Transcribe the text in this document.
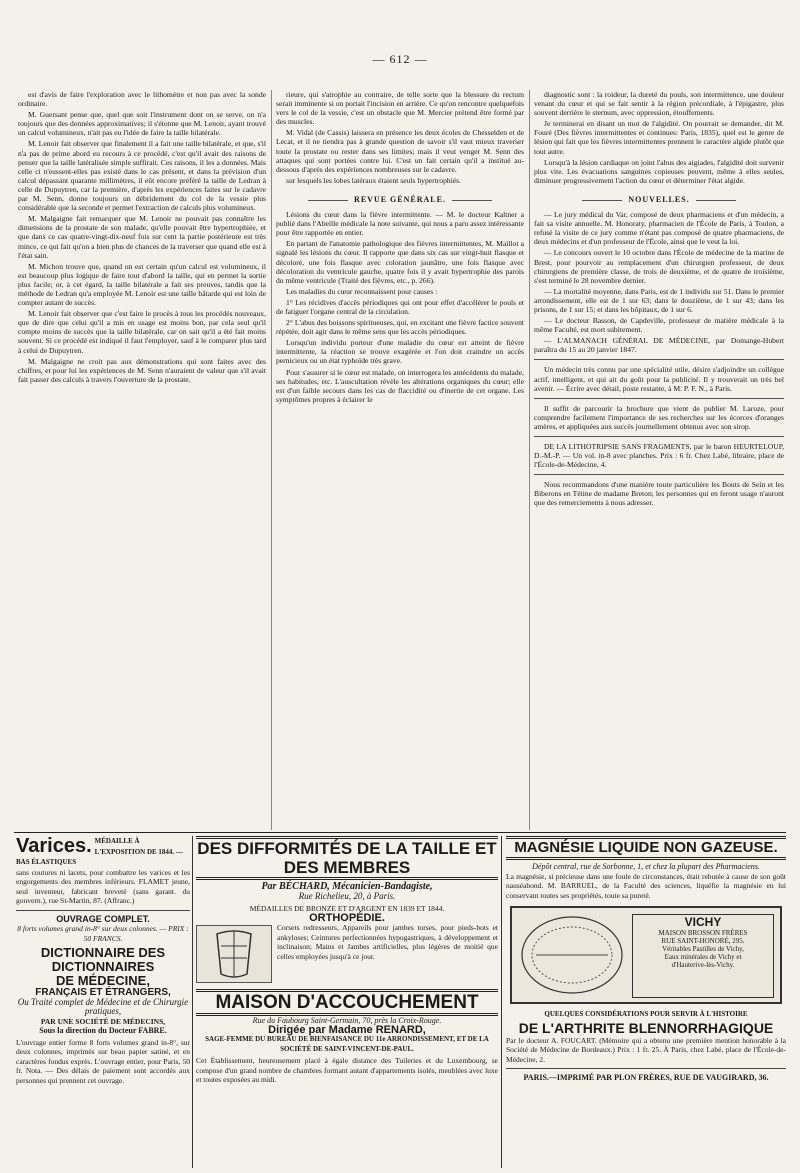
— 612 —

est d'avis de faire l'exploration avec le lithomètre et non pas avec la sonde ordinaire.

M. Guersant pense que, quel que soit l'instrument dont on se serve, on n'a toujours que des données approximatives; il s'étonne que M. Lenoir, ayant trouvé un calcul volumineux, n'ait pas eu l'idée de faire la taille bilatérale.

M. Lenoir fait observer que finalement il a fait une taille bilatérale, et que, s'il n'a pas de prime abord eu recours à ce procédé, c'est qu'il avait des raisons de penser que la taille latéralisée simple suffirait. Ces raisons, il les a données. Mais celle ci n'eussent-elles pas existé dans le cas présent, et dans la prévision d'un calcul dépassant quarante millimètres, il eût encore préféré la taille de Ledran à celle de Dupuytren, car la première, d'après les expériences faites sur le cadavre par M. Senn, donne toujours un débridement du col de la vessie plus considérable que la seconde et permet l'extraction de calculs plus volumineux.

M. Malgaigne fait remarquer que M. Lenoir ne pouvait pas connaître les dimensions de la prostate de son malade, qu'elle pouvait être hypertrophiée, et que dans ce cas quatre-vingt-dix-neuf fois sur cent la partie postérieure est très mince, ce qui fait qu'on a bien plus de chances de la traverser que quand elle est à l'état sain.

M. Michon trouve que, quand on est certain qu'un calcul est volumineux, il est beaucoup plus logique de faire tout d'abord la taille, qui en permet la sortie plus facile; or, à cet égard, la taille bilatérale a fait ses preuves, tandis que la méthode de Ledran qu'a employée M. Lenoir est une taille bâtarde qui est loin de compter autant de succès.

M. Lenoir fait observer que c'est faire le procès à tous les procédés nouveaux, que de dire que celui qu'il a mis en usage est moins bon, par cela seul qu'il compte moins de succès que la taille bilatérale, car on sait qu'il a été fait moins souvent. Si ce procédé est indiqué il faut l'employer, sauf à le comparer plus tard à celui de Dupuytren.

M. Malgaigne ne croit pas aux démonstrations qui sont faites avec des chiffres, et pour lui les expériences de M. Senn n'auraient de valeur que s'il avait fait passer des calculs à travers l'ouverture de la prostate.

rieure, qui s'atrophie au contraire, de telle sorte que la blessure du rectum serait imminente si on portait l'incision en arrière. Ce qu'on rencontre quelquefois vers le col de la vessie, c'est un obstacle que M. Mercier prétend être formé par des muscles.

M. Vidal (de Cassis) laissera en présence les deux écoles de Chesselden et de Lecat, et il ne tiendra pas à grande question de savoir s'il vaut mieux traverser toute la prostate ou rester dans ses limites; mais il veut venger M. Senn des attaques qui sont portées contre lui. C'est un fait certain qu'il a institué au-dessous d'après des expériences nombreuses sur le cadavre.

sur lesquels les lobes latéraux étaient seuls hypertrophiés.

REVUE GÉNÉRALE.

Lésions du cœur dans la fièvre intermittente. — M. le docteur Kaltner a publié dans l'Abeille médicale la note suivante, qui nous a paru assez intéressante pour être rapportée en entier.

En partant de l'anatomie pathologique des fièvres intermittentes, M. Maillot a signalé les lésions du cœur. Il rapporte que dans six cas sur vingt-huit flasque et décoloré, une fois flasque avec coloration jaunâtre, une fois flasque avec décoloration du ventricule gauche, quatre fois il y avait hypertrophie des parois du même ventricule (Traité des fièvres, etc., p. 266).

Les maladies du cœur reconnaissent pour causes :

1° Les récidives d'accès périodiques qui ont pour effet d'accélérer le pouls et de fatiguer l'organe central de la circulation.

2° L'abus des boissons spiritueuses, qui, en excitant une fièvre factice souvent répétée, doit agir dans le même sens que les accès périodiques.

Lorsqu'un individu porteur d'une maladie du cœur est atteint de fièvre intermittente, la réaction se trouve exagérée et l'on doit craindre un accès pernicieux ou un état typhoïde très grave.

Pour s'assurer si le cœur est malade, on interrogera les antécédents du malade, ses habitudes, etc. L'auscultation révèle les altérations organiques du cœur; elle est d'un faible secours dans les cas de flaccidité ou d'inertie de cet organe. Les symptômes propres à éclairer le

diagnostic sont : la roideur, la dureté du pouls, son intermittence, une douleur venant du cœur et qui se fait sentir à la région précordiale, à l'épigastre, plus souvent derrière le sternum, avec oppression, étouffements.

Je terminerai en disant un mot de l'algidité. On pourrait se demander, dit M. Fouré (Des fièvres intermittentes et continues: Paris, 1835), quel est le genre de lésion qui fait que les fièvres intermittentes prennent le caractère algide plutôt que tout autre.

Lorsqu'à la lésion cardiaque on joint l'abus des aigiades, l'algidité doit survenir plus vite. Les évacuations sanguines copieuses peuvent, même à elles seules, diminuer progressivement l'action du cœur et déterminer l'état algide.

NOUVELLES.

— Le jury médical du Var, composé de deux pharmaciens et d'un médecin, a fait sa visite annuelle. M. Honoraty, pharmacien de l'École de Paris, à Toulon, a refusé la visite de ce jury comme n'étant pas composé de quatre pharmaciens, de deux médecins et d'un professeur de l'École, ainsi que le veut la loi.

— Le concours ouvert le 10 octobre dans l'École de médecine de la marine de Brest, pour pourvoir au remplacement d'un chirurgien professeur, de deux chirurgiens de première classe, de trois de deuxième, et de quatre de troisième, s'est terminé le 28 novembre dernier.

— La mortalité moyenne, dans Paris, est de 1 individu sur 51. Dans le premier arrondissement, elle est de 1 sur 63; dans le douzième, de 1 sur 43; dans les prisons, de 1 sur 15; et dans les hôpitaux, de 1 sur 6.

— Le docteur Basson, de Capdeville, professeur de matière médicale à la même Faculté, est mort subitement.

— L'ALMANACH GÉNÉRAL DE MÉDECINE, par Domange-Hubert paraîtra du 15 au 20 janvier 1847.

Un médecin très connu par une spécialité utile, désire s'adjoindre un collègue actif, intelligent, et qui ait du goût pour la publicité. Il y trouverait un très bel avenir. — Écrire avec détail, poste restante, à M. P. F. N., à Paris.

Il suffit de parcourir la brochure que vient de publier M. Laroze, pour comprendre facilement l'importance de ses recherches sur les écorces d'oranges amères, et appliquées aux succès journellement obtenus avec son sirop.

DE LA LITHOTRIPSIE SANS FRAGMENTS, par le baron HEURTELOUP, D.-M.-P. — Un vol. in-8 avec planches. Prix : 6 fr. Chez Labé, libraire, place de l'École-de-Médecine, 4.

Nous recommandons d'une manière toute particulière les Bouts de Sein et les Biberons en Tétine de madame Breton; les personnes qui en feront usage n'auront que des remerciements à nous adresser.

Varices. MÉDAILLE À L'EXPOSITION DE 1844. — BAS ÉLASTIQUES
sans coutures ni lacets, pour combattre les varices et les engorgements des membres inférieurs. FLAMET jeune, seul inventeur, fabricant breveté (sans garant. du gouvern.), rue St-Martin, 87. (Affranc.)
OUVRAGE COMPLET.
8 forts volumes grand in-8° sur deux colonnes. — PRIX : 50 FRANCS.
DICTIONNAIRE DES DICTIONNAIRES
DE MÉDECINE,
FRANÇAIS ET ÉTRANGERS,
Ou Traité complet de Médecine et de Chirurgie pratiques,
PAR UNE SOCIÉTÉ DE MÉDECINS,
Sous la direction du Docteur FABRE.
L'ouvrage entier forme 8 forts volumes grand in-8°, sur deux colonnes, imprimés sur beau papier satiné, et en caractères fondus exprès. L'ouvrage entier, pour Paris, 50 fr. Nota. — Des délais de paiement sont accordés aux personnes qui prennent cet ouvrage.
DES DIFFORMITÉS DE LA TAILLE ET DES MEMBRES
Par BÉCHARD, Mécanicien-Bandagiste,
Rue Richelieu, 20, à Paris.
MÉDAILLES DE BRONZE ET D'ARGENT EN 1839 ET 1844.
ORTHOPÉDIE.
Corsets redresseurs, Appareils pour jambes torses, pour pieds-bots et ankyloses; Ceintures perfectionnées hypogastriques, à développement et inclinaison; Mains et Jambes artificielles, plus légères de moitié que celles employées jusqu'à ce jour.
MAISON D'ACCOUCHEMENT
Rue du Faubourg Saint-Germain, 70, près la Croix-Rouge.
Dirigée par Madame RENARD,
SAGE-FEMME DU BUREAU DE BIENFAISANCE DU 11e ARRONDISSEMENT, ET DE LA SOCIÉTÉ DE SAINT-VINCENT-DE-PAUL.
Cet Établissement, heureusement placé à égale distance des Tuileries et du Luxembourg, se compose d'un grand nombre de chambres formant autant d'appartements isolés, meublées avec luxe et toutes exposées au midi.
MAGNÉSIE LIQUIDE NON GAZEUSE.
Dépôt central, rue de Sorbonne, 1, et chez la plupart des Pharmaciens.
La magnésie, si précieuse dans une foule de circonstances, était rebutée à cause de son goût nauséabond. M. BARRUEL, de la Faculté des sciences, liquéfie la magnésie en lui conservant toutes ses propriétés, toute sa pureté.
VICHY
MAISON BROSSON FRÈRES
RUE SAINT-HONORÉ, 295.
Véritables Pastilles de Vichy,
Eaux minérales de Vichy et
d'Hauterive-lès-Vichy.
QUELQUES CONSIDÉRATIONS POUR SERVIR À L'HISTOIRE
DE L'ARTHRITE BLENNORRHAGIQUE
Par le docteur A. FOUCART. (Mémoire qui a obtenu une première mention honorable à la Société de Médecine de Bordeaux.) Prix : 1 fr. 25. À Paris, chez Labé, place de l'École-de-Médecine, 2.
PARIS.—IMPRIMÉ PAR PLON FRÈRES, RUE DE VAUGIRARD, 36.
